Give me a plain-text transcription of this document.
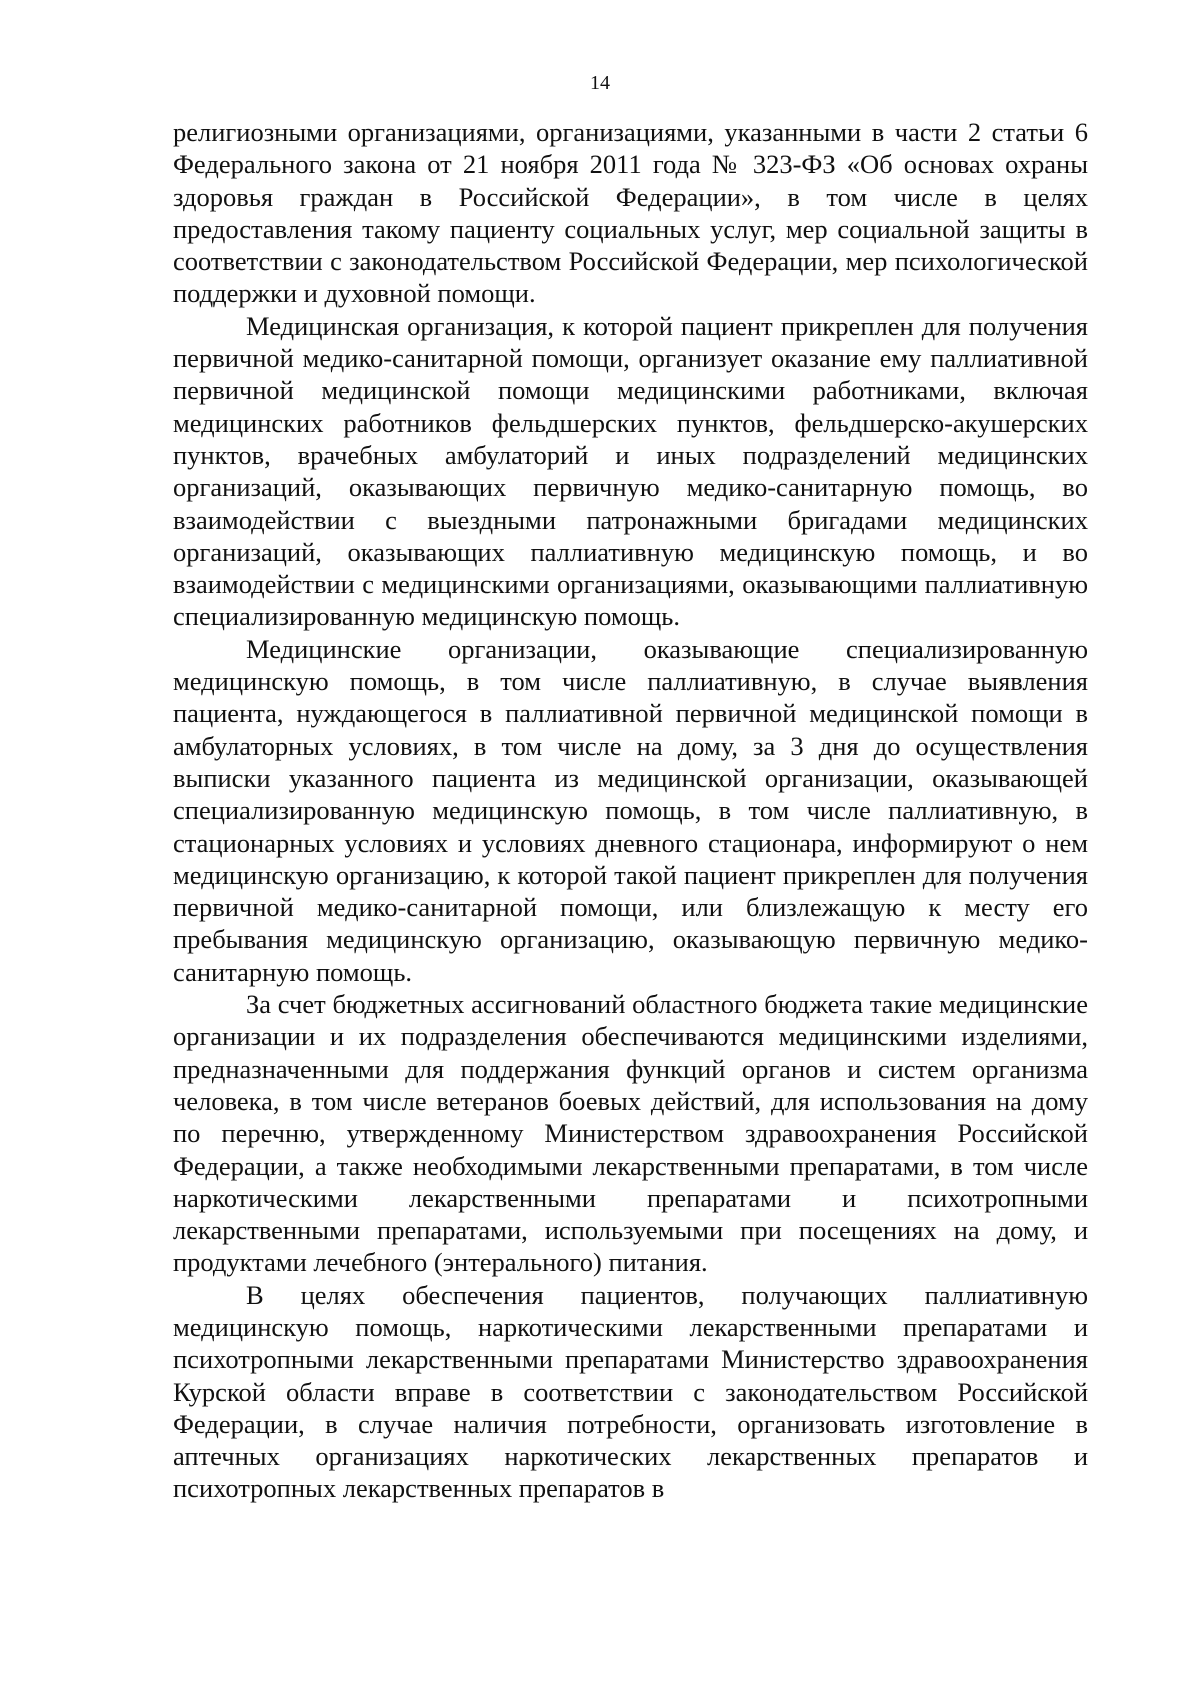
14

религиозными организациями, организациями, указанными в части 2 статьи 6 Федерального закона от 21 ноября 2011 года № 323-ФЗ «Об основах охраны здоровья граждан в Российской Федерации», в том числе в целях предоставления такому пациенту социальных услуг, мер социальной защиты в соответствии с законодательством Российской Федерации, мер психологической поддержки и духовной помощи.

Медицинская организация, к которой пациент прикреплен для получения первичной медико-санитарной помощи, организует оказание ему паллиативной первичной медицинской помощи медицинскими работниками, включая медицинских работников фельдшерских пунктов, фельдшерско-акушерских пунктов, врачебных амбулаторий и иных подразделений медицинских организаций, оказывающих первичную медико-санитарную помощь, во взаимодействии с выездными патронажными бригадами медицинских организаций, оказывающих паллиативную медицинскую помощь, и во взаимодействии с медицинскими организациями, оказывающими паллиативную специализированную медицинскую помощь.

Медицинские организации, оказывающие специализированную медицинскую помощь, в том числе паллиативную, в случае выявления пациента, нуждающегося в паллиативной первичной медицинской помощи в амбулаторных условиях, в том числе на дому, за 3 дня до осуществления выписки указанного пациента из медицинской организации, оказывающей специализированную медицинскую помощь, в том числе паллиативную, в стационарных условиях и условиях дневного стационара, информируют о нем медицинскую организацию, к которой такой пациент прикреплен для получения первичной медико-санитарной помощи, или близлежащую к месту его пребывания медицинскую организацию, оказывающую первичную медико-санитарную помощь.

За счет бюджетных ассигнований областного бюджета такие медицинские организации и их подразделения обеспечиваются медицинскими изделиями, предназначенными для поддержания функций органов и систем организма человека, в том числе ветеранов боевых действий, для использования на дому по перечню, утвержденному Министерством здравоохранения Российской Федерации, а также необходимыми лекарственными препаратами, в том числе наркотическими лекарственными препаратами и психотропными лекарственными препаратами, используемыми при посещениях на дому, и продуктами лечебного (энтерального) питания.

В целях обеспечения пациентов, получающих паллиативную медицинскую помощь, наркотическими лекарственными препаратами и психотропными лекарственными препаратами Министерство здравоохранения Курской области вправе в соответствии с законодательством Российской Федерации, в случае наличия потребности, организовать изготовление в аптечных организациях наркотических лекарственных препаратов и психотропных лекарственных препаратов в
